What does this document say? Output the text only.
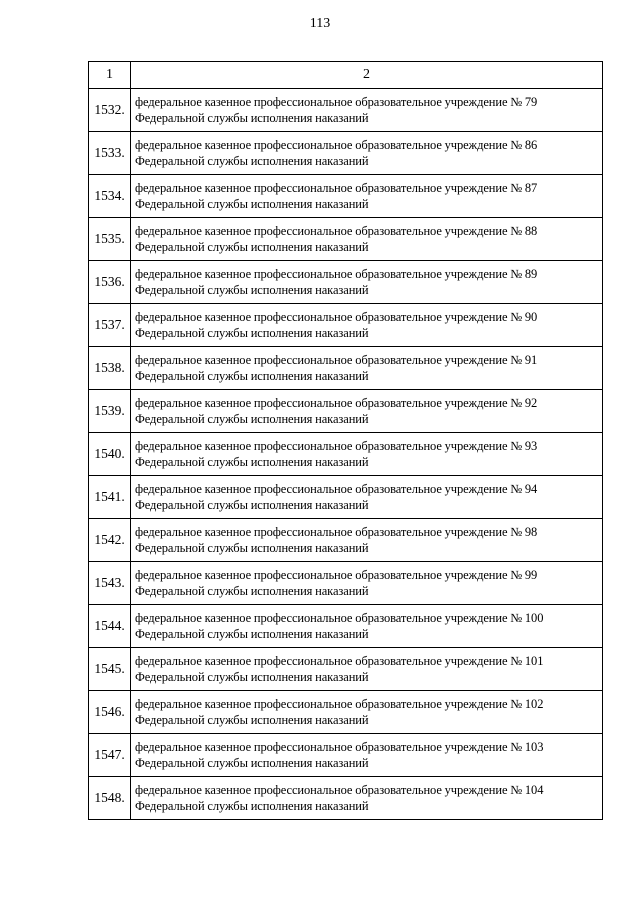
113
1	2
1532.	федеральное казенное профессиональное образовательное учреждение № 79
Федеральной службы исполнения наказаний

1533.	федеральное казенное профессиональное образовательное учреждение № 86
Федеральной службы исполнения наказаний

1534.	федеральное казенное профессиональное образовательное учреждение № 87
Федеральной службы исполнения наказаний

1535.	федеральное казенное профессиональное образовательное учреждение № 88
Федеральной службы исполнения наказаний

1536.	федеральное казенное профессиональное образовательное учреждение № 89
Федеральной службы исполнения наказаний

1537.	федеральное казенное профессиональное образовательное учреждение № 90
Федеральной службы исполнения наказаний

1538.	федеральное казенное профессиональное образовательное учреждение № 91
Федеральной службы исполнения наказаний

1539.	федеральное казенное профессиональное образовательное учреждение № 92
Федеральной службы исполнения наказаний

1540.	федеральное казенное профессиональное образовательное учреждение № 93
Федеральной службы исполнения наказаний

1541.	федеральное казенное профессиональное образовательное учреждение № 94
Федеральной службы исполнения наказаний

1542.	федеральное казенное профессиональное образовательное учреждение № 98
Федеральной службы исполнения наказаний

1543.	федеральное казенное профессиональное образовательное учреждение № 99
Федеральной службы исполнения наказаний

1544.	федеральное казенное профессиональное образовательное учреждение № 100
Федеральной службы исполнения наказаний

1545.	федеральное казенное профессиональное образовательное учреждение № 101
Федеральной службы исполнения наказаний

1546.	федеральное казенное профессиональное образовательное учреждение № 102
Федеральной службы исполнения наказаний

1547.	федеральное казенное профессиональное образовательное учреждение № 103
Федеральной службы исполнения наказаний

1548.	федеральное казенное профессиональное образовательное учреждение № 104
Федеральной службы исполнения наказаний
